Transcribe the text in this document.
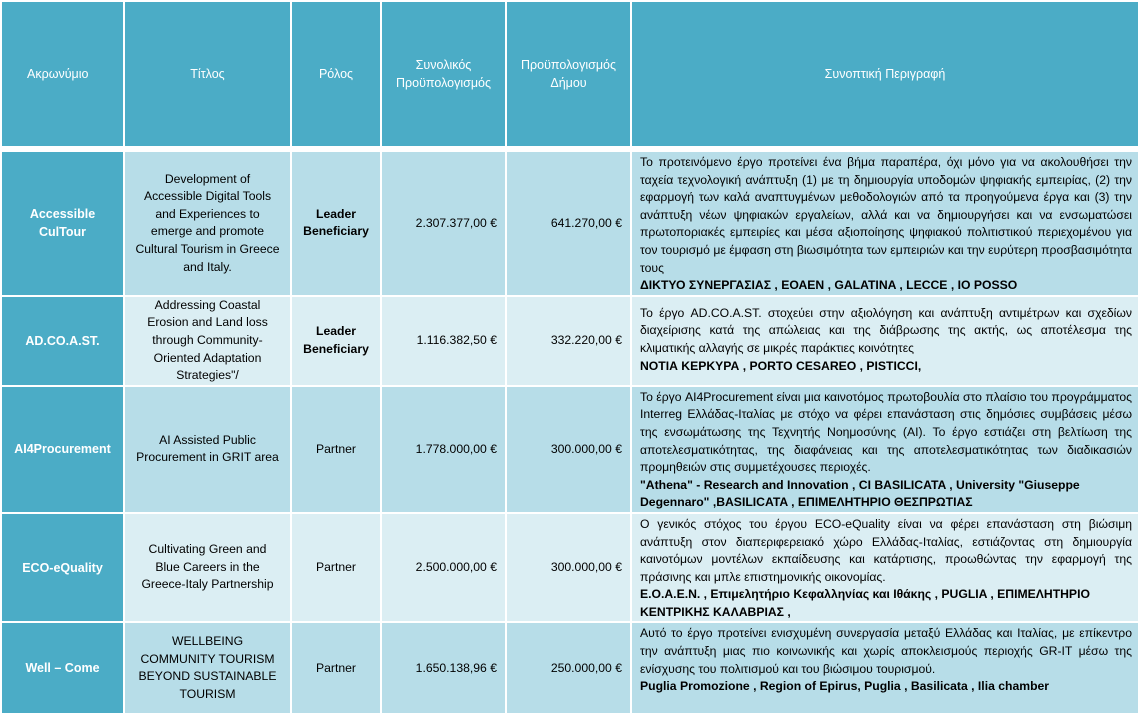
Ακρωνύμιο	Τίτλος	Ρόλος	Συνολικός Προϋπολογισμός	Προϋπολογισμός Δήμου	Συνοπτική Περιγραφή

Accessible CulTour	Development of Accessible Digital Tools and Experiences to emerge and promote Cultural Tourism in Greece and Italy.	Leader Beneficiary	2.307.377,00 €	641.270,00 €	Το προτεινόμενο έργο προτείνει ένα βήμα παραπέρα, όχι μόνο για να ακολουθήσει την ταχεία τεχνολογική ανάπτυξη (1) με τη δημιουργία υποδομών ψηφιακής εμπειρίας, (2) την εφαρμογή των καλά αναπτυγμένων μεθοδολογιών από τα προηγούμενα έργα και (3) την ανάπτυξη νέων ψηφιακών εργαλείων, αλλά και να δημιουργήσει και να ενσωματώσει πρωτοποριακές εμπειρίες και μέσα αξιοποίησης ψηφιακού πολιτιστικού περιεχομένου για τον τουρισμό με έμφαση στη βιωσιμότητα των εμπειριών και την ευρύτερη προσβασιμότητα τους
ΔΙΚΤΥΟ ΣΥΝΕΡΓΑΣΙΑΣ , ΕΟΑΕΝ , GALATINA , LECCE , IO POSSO

AD.CO.A.ST.	Addressing Coastal Erosion and Land loss through Community-Oriented Adaptation Strategies"/	Leader Beneficiary	1.116.382,50 €	332.220,00 €	Το έργο AD.CO.A.ST. στοχεύει στην αξιολόγηση και ανάπτυξη αντιμέτρων και σχεδίων διαχείρισης κατά της απώλειας και της διάβρωσης της ακτής, ως αποτέλεσμα της κλιματικής αλλαγής σε μικρές παράκτιες κοινότητες
ΝΟΤΙΑ ΚΕΡΚΥΡΑ , PORTO CESAREO , PISTICCI,

AI4Procurement	AI Assisted Public Procurement in GRIT area	Partner	1.778.000,00 €	300.000,00 €	Το έργο AI4Procurement είναι μια καινοτόμος πρωτοβουλία στο πλαίσιο του προγράμματος Interreg Ελλάδας-Ιταλίας με στόχο να φέρει επανάσταση στις δημόσιες συμβάσεις μέσω της ενσωμάτωσης της Τεχνητής Νοημοσύνης (AI). Το έργο εστιάζει στη βελτίωση της αποτελεσματικότητας, της διαφάνειας και της αποτελεσματικότητας των διαδικασιών προμηθειών στις συμμετέχουσες περιοχές.
"Athena" - Research and Innovation , CI BASILICATA , University "Giuseppe Degennaro" ,BASILICATA , ΕΠΙΜΕΛΗΤΗΡΙΟ ΘΕΣΠΡΩΤΙΑΣ

ECO-eQuality	Cultivating Green and Blue Careers in the Greece-Italy Partnership	Partner	2.500.000,00 €	300.000,00 €	Ο γενικός στόχος του έργου ECO-eQuality είναι να φέρει επανάσταση στη βιώσιμη ανάπτυξη στον διαπεριφερειακό χώρο Ελλάδας-Ιταλίας, εστιάζοντας στη δημιουργία καινοτόμων μοντέλων εκπαίδευσης και κατάρτισης, προωθώντας την εφαρμογή της πράσινης και μπλε επιστημονικής οικονομίας.
Ε.Ο.Α.Ε.Ν. , Επιμελητήριο Κεφαλληνίας και Ιθάκης , PUGLIA , ΕΠΙΜΕΛΗΤΗΡΙΟ ΚΕΝΤΡΙΚΗΣ ΚΑΛΑΒΡΙΑΣ ,

Well – Come	WELLBEING COMMUNITY TOURISM BEYOND SUSTAINABLE TOURISM	Partner	1.650.138,96 €	250.000,00 €	Αυτό το έργο προτείνει ενισχυμένη συνεργασία μεταξύ Ελλάδας και Ιταλίας, με επίκεντρο την ανάπτυξη μιας πιο κοινωνικής και χωρίς αποκλεισμούς περιοχής GR-IT μέσω της ενίσχυσης του πολιτισμού και του βιώσιμου τουρισμού.
Puglia Promozione , Region of Epirus, Puglia , Basilicata , Ilia chamber
